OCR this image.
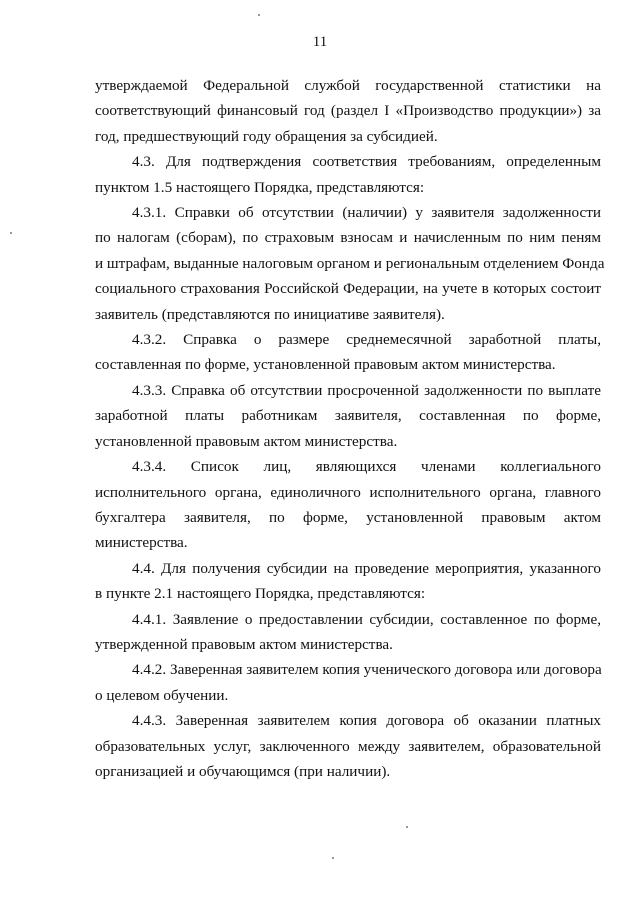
11

утверждаемой Федеральной службой государственной статистики на
соответствующий финансовый год (раздел I «Производство продукции») за
год, предшествующий году обращения за субсидией.

4.3. Для подтверждения соответствия требованиям, определенным
пунктом 1.5 настоящего Порядка, представляются:

4.3.1. Справки об отсутствии (наличии) у заявителя задолженности
по налогам (сборам), по страховым взносам и начисленным по ним пеням
и штрафам, выданные налоговым органом и региональным отделением Фонда
социального страхования Российской Федерации, на учете в которых состоит
заявитель (представляются по инициативе заявителя).

4.3.2. Справка о размере среднемесячной заработной платы,
составленная по форме, установленной правовым актом министерства.

4.3.3. Справка об отсутствии просроченной задолженности по выплате
заработной платы работникам заявителя, составленная по форме,
установленной правовым актом министерства.

4.3.4. Список лиц, являющихся членами коллегиального
исполнительного органа, единоличного исполнительного органа, главного
бухгалтера заявителя, по форме, установленной правовым актом
министерства.

4.4. Для получения субсидии на проведение мероприятия, указанного
в пункте 2.1 настоящего Порядка, представляются:

4.4.1. Заявление о предоставлении субсидии, составленное по форме,
утвержденной правовым актом министерства.

4.4.2. Заверенная заявителем копия ученического договора или договора
о целевом обучении.

4.4.3. Заверенная заявителем копия договора об оказании платных
образовательных услуг, заключенного между заявителем, образовательной
организацией и обучающимся (при наличии).
